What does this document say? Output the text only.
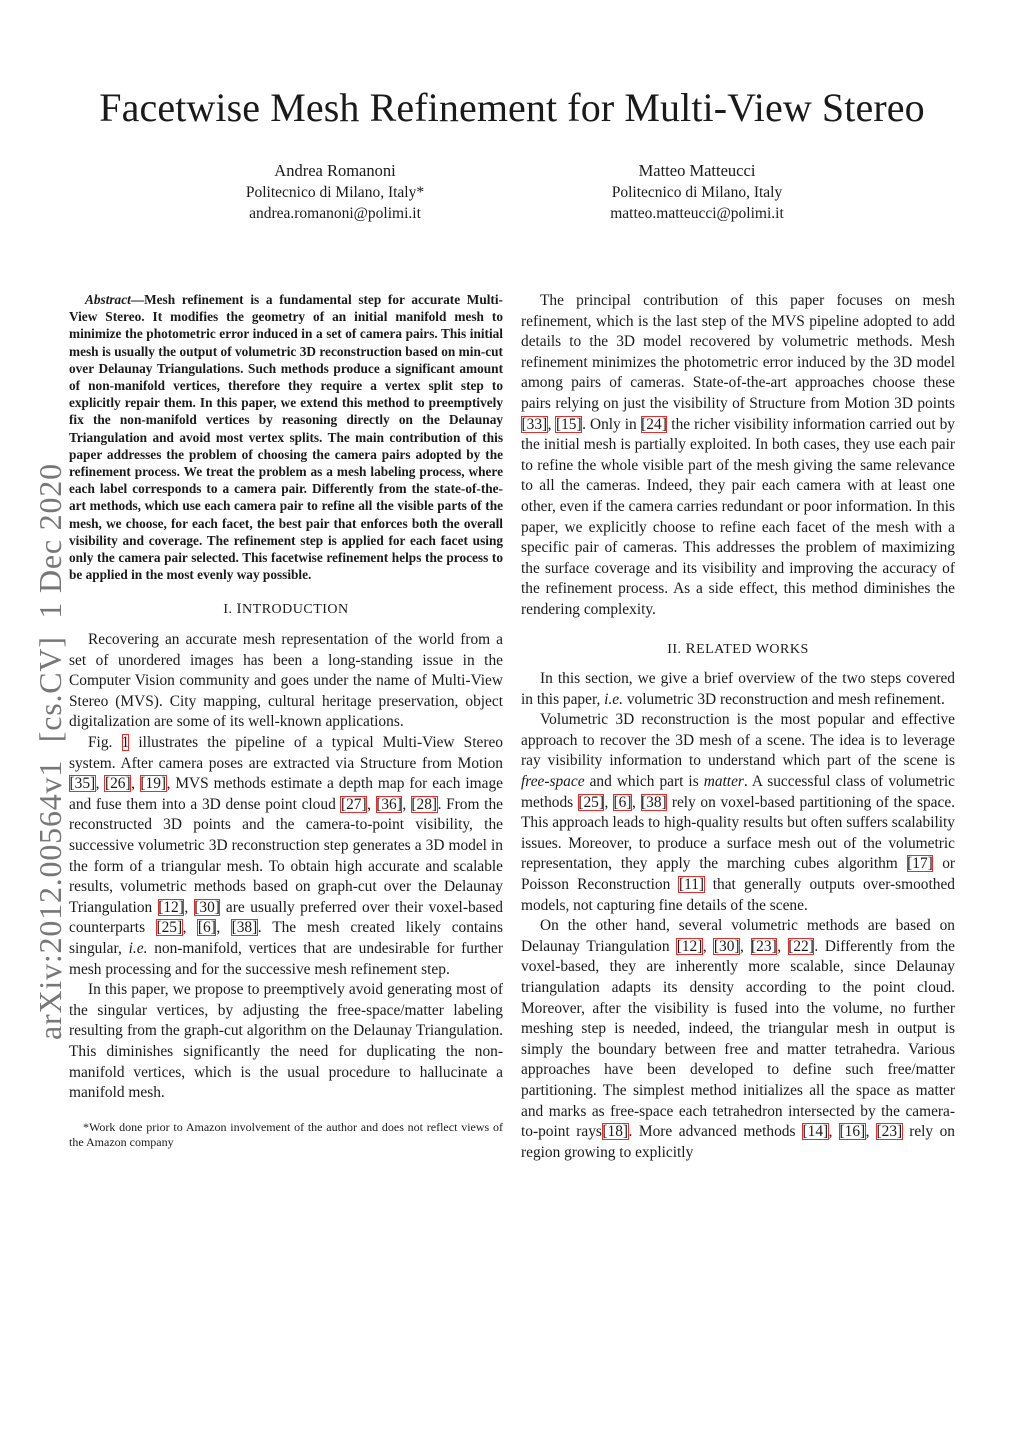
Facetwise Mesh Refinement for Multi-View Stereo
Andrea Romanoni
Politecnico di Milano, Italy*
andrea.romanoni@polimi.it
Matteo Matteucci
Politecnico di Milano, Italy
matteo.matteucci@polimi.it
arXiv:2012.00564v1  [cs.CV]  1 Dec 2020

Abstract—Mesh refinement is a fundamental step for accurate Multi-View Stereo. It modifies the geometry of an initial manifold mesh to minimize the photometric error induced in a set of camera pairs. This initial mesh is usually the output of volumetric 3D reconstruction based on min-cut over Delaunay Triangulations. Such methods produce a significant amount of non-manifold vertices, therefore they require a vertex split step to explicitly repair them. In this paper, we extend this method to preemptively fix the non-manifold vertices by reasoning directly on the Delaunay Triangulation and avoid most vertex splits. The main contribution of this paper addresses the problem of choosing the camera pairs adopted by the refinement process. We treat the problem as a mesh labeling process, where each label corresponds to a camera pair. Differently from the state-of-the-art methods, which use each camera pair to refine all the visible parts of the mesh, we choose, for each facet, the best pair that enforces both the overall visibility and coverage. The refinement step is applied for each facet using only the camera pair selected. This facetwise refinement helps the process to be applied in the most evenly way possible.

I. INTRODUCTION

Recovering an accurate mesh representation of the world from a set of unordered images has been a long-standing issue in the Computer Vision community and goes under the name of Multi-View Stereo (MVS). City mapping, cultural heritage preservation, object digitalization are some of its well-known applications.

Fig. 1 illustrates the pipeline of a typical Multi-View Stereo system. After camera poses are extracted via Structure from Motion [35], [26], [19], MVS methods estimate a depth map for each image and fuse them into a 3D dense point cloud [27], [36], [28]. From the reconstructed 3D points and the camera-to-point visibility, the successive volumetric 3D reconstruction step generates a 3D model in the form of a triangular mesh. To obtain high accurate and scalable results, volumetric methods based on graph-cut over the Delaunay Triangulation [12], [30] are usually preferred over their voxel-based counterparts [25], [6], [38]. The mesh created likely contains singular, i.e. non-manifold, vertices that are undesirable for further mesh processing and for the successive mesh refinement step.

In this paper, we propose to preemptively avoid generating most of the singular vertices, by adjusting the free-space/matter labeling resulting from the graph-cut algorithm on the Delaunay Triangulation. This diminishes significantly the need for duplicating the non-manifold vertices, which is the usual procedure to hallucinate a manifold mesh.

*Work done prior to Amazon involvement of the author and does not reflect views of the Amazon company

The principal contribution of this paper focuses on mesh refinement, which is the last step of the MVS pipeline adopted to add details to the 3D model recovered by volumetric methods. Mesh refinement minimizes the photometric error induced by the 3D model among pairs of cameras. State-of-the-art approaches choose these pairs relying on just the visibility of Structure from Motion 3D points [33], [15]. Only in [24] the richer visibility information carried out by the initial mesh is partially exploited. In both cases, they use each pair to refine the whole visible part of the mesh giving the same relevance to all the cameras. Indeed, they pair each camera with at least one other, even if the camera carries redundant or poor information. In this paper, we explicitly choose to refine each facet of the mesh with a specific pair of cameras. This addresses the problem of maximizing the surface coverage and its visibility and improving the accuracy of the refinement process. As a side effect, this method diminishes the rendering complexity.

II. RELATED WORKS

In this section, we give a brief overview of the two steps covered in this paper, i.e. volumetric 3D reconstruction and mesh refinement.

Volumetric 3D reconstruction is the most popular and effective approach to recover the 3D mesh of a scene. The idea is to leverage ray visibility information to understand which part of the scene is free-space and which part is matter. A successful class of volumetric methods [25], [6], [38] rely on voxel-based partitioning of the space. This approach leads to high-quality results but often suffers scalability issues. Moreover, to produce a surface mesh out of the volumetric representation, they apply the marching cubes algorithm [17] or Poisson Reconstruction [11] that generally outputs over-smoothed models, not capturing fine details of the scene.

On the other hand, several volumetric methods are based on Delaunay Triangulation [12], [30], [23], [22]. Differently from the voxel-based, they are inherently more scalable, since Delaunay triangulation adapts its density according to the point cloud. Moreover, after the visibility is fused into the volume, no further meshing step is needed, indeed, the triangular mesh in output is simply the boundary between free and matter tetrahedra. Various approaches have been developed to define such free/matter partitioning. The simplest method initializes all the space as matter and marks as free-space each tetrahedron intersected by the camera-to-point rays[18]. More advanced methods [14], [16], [23] rely on region growing to explicitly
